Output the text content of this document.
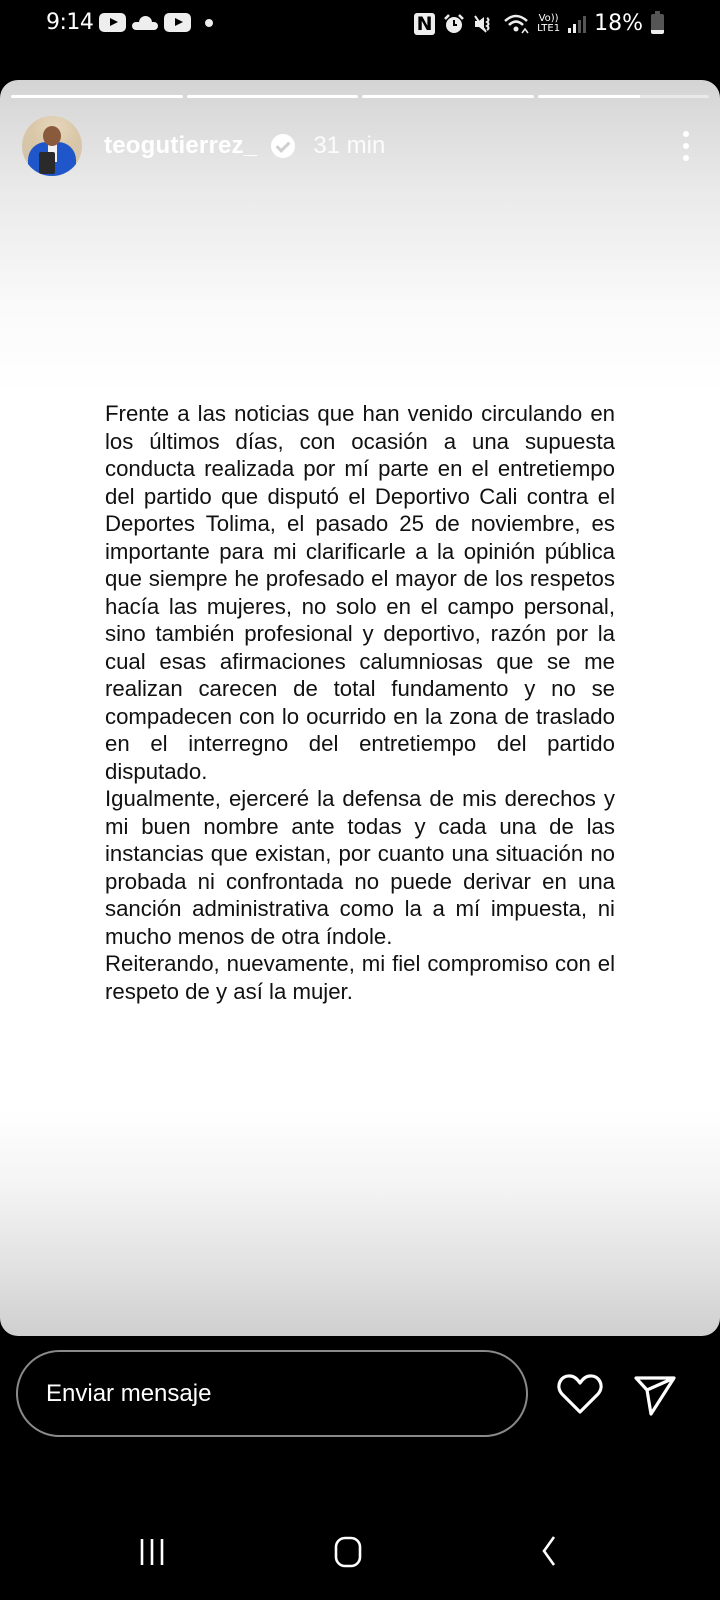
9:14	N	Vo))
LTE1 18%
teogutierrez_ 31 min

Frente a las noticias que han venido circulando en los últimos días, con ocasión a una supuesta conducta realizada por mí parte en el entretiempo del partido que disputó el Deportivo Cali contra el Deportes Tolima, el pasado 25 de noviembre, es importante para mi clarificarle a la opinión pública que siempre he profesado el mayor de los respetos hacía las mujeres, no solo en el campo personal, sino también profesional y deportivo, razón por la cual esas afirmaciones calumniosas que se me realizan carecen de total fundamento y no se compadecen con lo ocurrido en la zona de traslado en el interregno del entretiempo del partido disputado.

Igualmente, ejerceré la defensa de mis derechos y mi buen nombre ante todas y cada una de las instancias que existan, por cuanto una situación no probada ni confrontada no puede derivar en una sanción administrativa como la a mí impuesta, ni mucho menos de otra índole.

Reiterando, nuevamente, mi fiel compromiso con el respeto de y así la mujer.

Enviar mensaje
